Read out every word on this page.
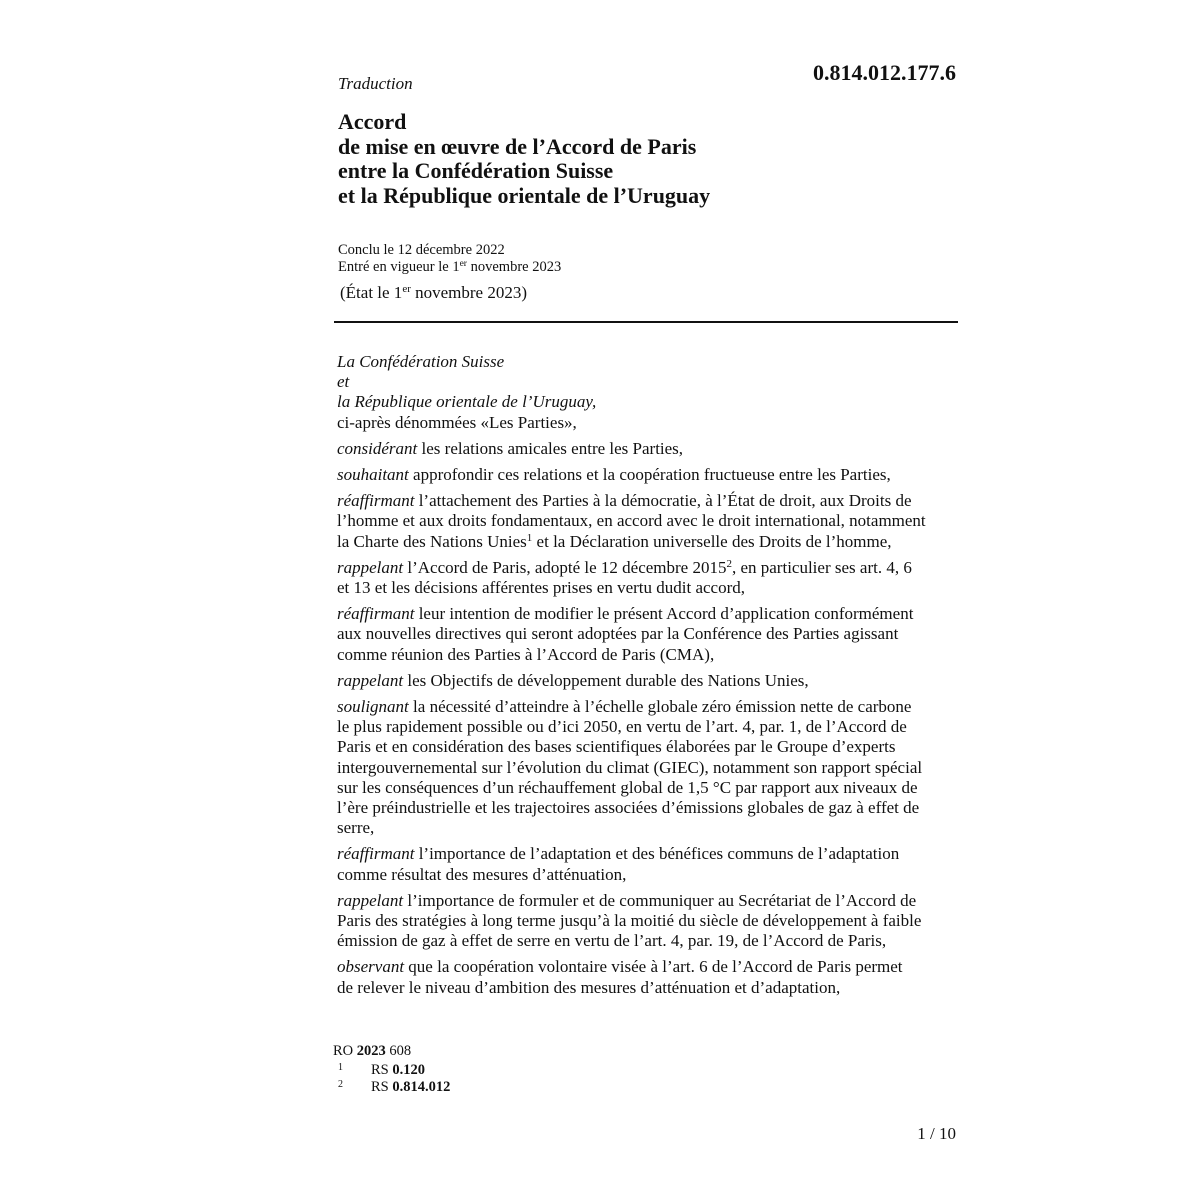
0.814.012.177.6
Traduction
Accord
de mise en œuvre de l’Accord de Paris
entre la Confédération Suisse
et la République orientale de l’Uruguay
Conclu le 12 décembre 2022
Entré en vigueur le 1er novembre 2023
(État le 1er novembre 2023)
La Confédération Suisse
et
la République orientale de l’Uruguay,
ci-après dénommées «Les Parties»,
considérant les relations amicales entre les Parties,
souhaitant approfondir ces relations et la coopération fructueuse entre les Parties,
réaffirmant l’attachement des Parties à la démocratie, à l’État de droit, aux Droits de
l’homme et aux droits fondamentaux, en accord avec le droit international, notamment
la Charte des Nations Unies$^1$ et la Déclaration universelle des Droits de l’homme,
rappelant l’Accord de Paris, adopté le 12 décembre 2015$^2$, en particulier ses art. 4, 6
et 13 et les décisions afférentes prises en vertu dudit accord,
réaffirmant leur intention de modifier le présent Accord d’application conformément
aux nouvelles directives qui seront adoptées par la Conférence des Parties agissant
comme réunion des Parties à l’Accord de Paris (CMA),
rappelant les Objectifs de développement durable des Nations Unies,
soulignant la nécessité d’atteindre à l’échelle globale zéro émission nette de carbone
le plus rapidement possible ou d’ici 2050, en vertu de l’art. 4, par. 1, de l’Accord de
Paris et en considération des bases scientifiques élaborées par le Groupe d’experts
intergouvernemental sur l’évolution du climat (GIEC), notamment son rapport spécial
sur les conséquences d’un réchauffement global de 1,5 °C par rapport aux niveaux de
l’ère préindustrielle et les trajectoires associées d’émissions globales de gaz à effet de
serre,
réaffirmant l’importance de l’adaptation et des bénéfices communs de l’adaptation
comme résultat des mesures d’atténuation,
rappelant l’importance de formuler et de communiquer au Secrétariat de l’Accord de
Paris des stratégies à long terme jusqu’à la moitié du siècle de développement à faible
émission de gaz à effet de serre en vertu de l’art. 4, par. 19, de l’Accord de Paris,
observant que la coopération volontaire visée à l’art. 6 de l’Accord de Paris permet
de relever le niveau d’ambition des mesures d’atténuation et d’adaptation,
RO 2023 608
1 RS 0.120
2 RS 0.814.012
1 / 10
